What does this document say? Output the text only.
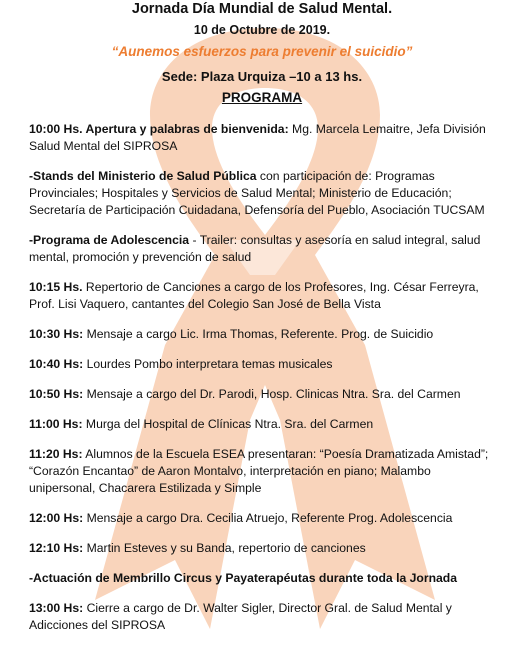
Jornada Día Mundial de Salud Mental.
10 de Octubre de 2019.
“Aunemos esfuerzos para prevenir el suicidio”
Sede: Plaza Urquiza –10 a 13 hs.
PROGRAMA

10:00 Hs. Apertura y palabras de bienvenida: Mg. Marcela Lemaitre, Jefa División Salud Mental del SIPROSA

-Stands del Ministerio de Salud Pública con participación de: Programas Provinciales; Hospitales y Servicios de Salud Mental; Ministerio de Educación; Secretaría de Participación Cuidadana, Defensoría del Pueblo, Asociación TUCSAM

-Programa de Adolescencia - Trailer: consultas y asesoría en salud integral, salud mental, promoción y prevención de salud

10:15 Hs. Repertorio de Canciones a cargo de los Profesores, Ing. César Ferreyra, Prof. Lisi Vaquero, cantantes del Colegio San José de Bella Vista

10:30 Hs: Mensaje a cargo Lic. Irma Thomas, Referente. Prog. de Suicidio

10:40 Hs: Lourdes Pombo interpretara temas musicales

10:50 Hs: Mensaje a cargo del Dr. Parodi, Hosp. Clinicas Ntra. Sra. del Carmen

11:00 Hs: Murga del Hospital de Clínicas Ntra. Sra. del Carmen

11:20 Hs: Alumnos de la Escuela ESEA presentaran: “Poesía Dramatizada Amistad”; “Corazón Encantao” de Aaron Montalvo, interpretación en piano; Malambo unipersonal, Chacarera Estilizada y Simple

12:00 Hs: Mensaje a cargo Dra. Cecilia Atruejo, Referente Prog. Adolescencia

12:10 Hs: Martin Esteves y su Banda, repertorio de canciones

-Actuación de Membrillo Circus y Payaterapéutas durante toda la Jornada

13:00 Hs: Cierre a cargo de Dr. Walter Sigler, Director Gral. de Salud Mental y Adicciones del SIPROSA
